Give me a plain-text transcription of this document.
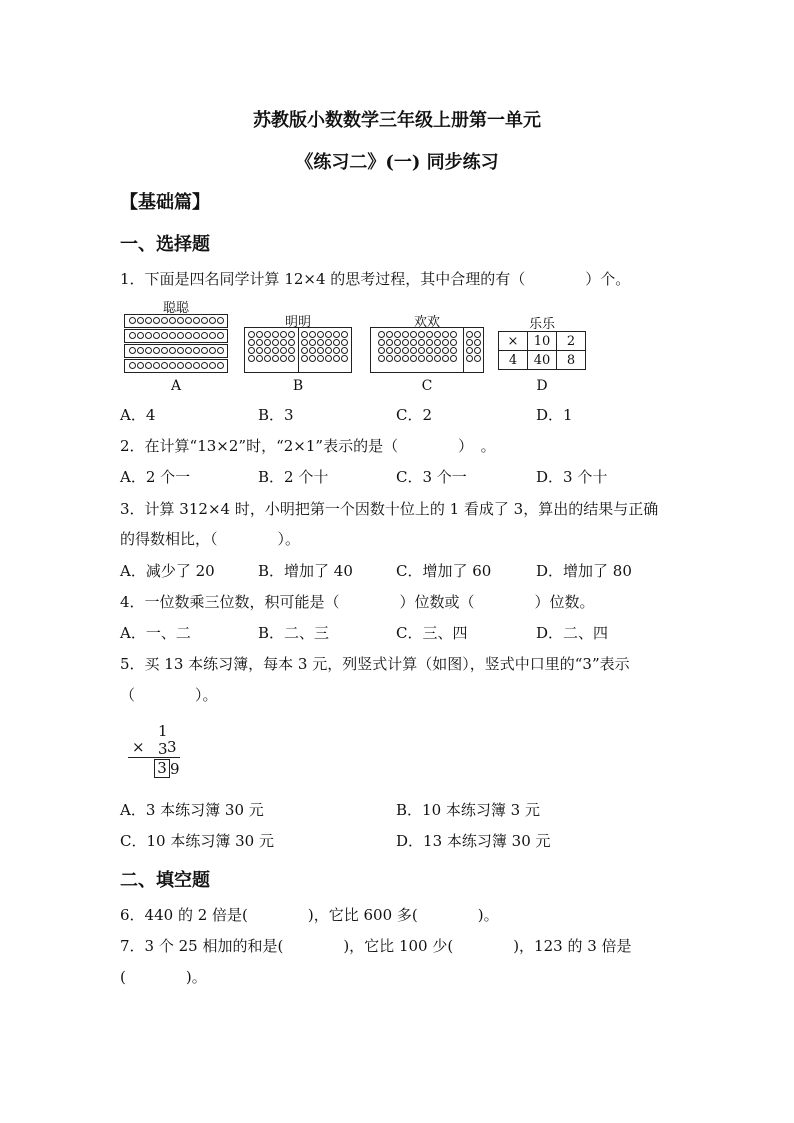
苏教版小数数学三年级上册第一单元
《练习二》(一) 同步练习
【基础篇】
一、选择题
1．下面是四名同学计算 12×4 的思考过程，其中合理的有（　　　　）个。
聪聪
A
明明
B
欢欢
C
乐乐
×	10	2
4	40	8
D
A．4	B．3	C．2	D．1
2．在计算“13×2”时，“2×1”表示的是（　　　　）　。
A．2 个一	B．2 个十	C．3 个一	D．3 个十
3．计算 312×4 时，小明把第一个因数十位上的 1 看成了 3，算出的结果与正确
的得数相比，（　　　　）。
A．减少了 20	B．增加了 40	C．增加了 60	D．增加了 80
4．一位数乘三位数，积可能是（　　　　）位数或（　　　　）位数。
A．一、二	B．二、三	C．三、四	D．二、四
5．买 13 本练习簿，每本 3 元，列竖式计算（如图），竖式中口里的“3”表示
（　　　　）。
1 3
× 3
3 9
A．3 本练习簿 30 元	B．10 本练习簿 3 元
C．10 本练习簿 30 元	D．13 本练习簿 30 元
二、填空题
6．440 的 2 倍是(　　　　)，它比 600 多(　　　　)。
7．3 个 25 相加的和是(　　　　)，它比 100 少(　　　　)，123 的 3 倍是
(　　　　)。
